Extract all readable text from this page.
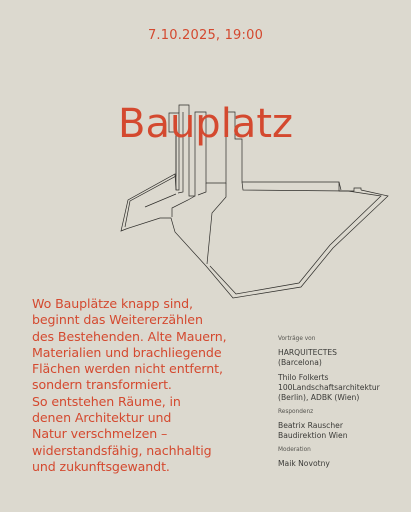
7.10.2025, 19:00
Bauplatz

Wo Bauplätze knapp sind,

beginnt das Weitererzählen

des Bestehenden. Alte Mauern,

Materialien und brachliegende

Flächen werden nicht entfernt,

sondern transformiert.

So entstehen Räume, in

denen Architektur und

Natur verschmelzen –

widerstandsfähig, nachhaltig

und zukunftsgewandt.

Vorträge von

HARQUITECTES

(Barcelona)

Thilo Folkerts

100Landschaftsarchitektur

(Berlin), ADBK (Wien)

Respondenz

Beatrix Rauscher

Baudirektion Wien

Moderation

Maik Novotny
